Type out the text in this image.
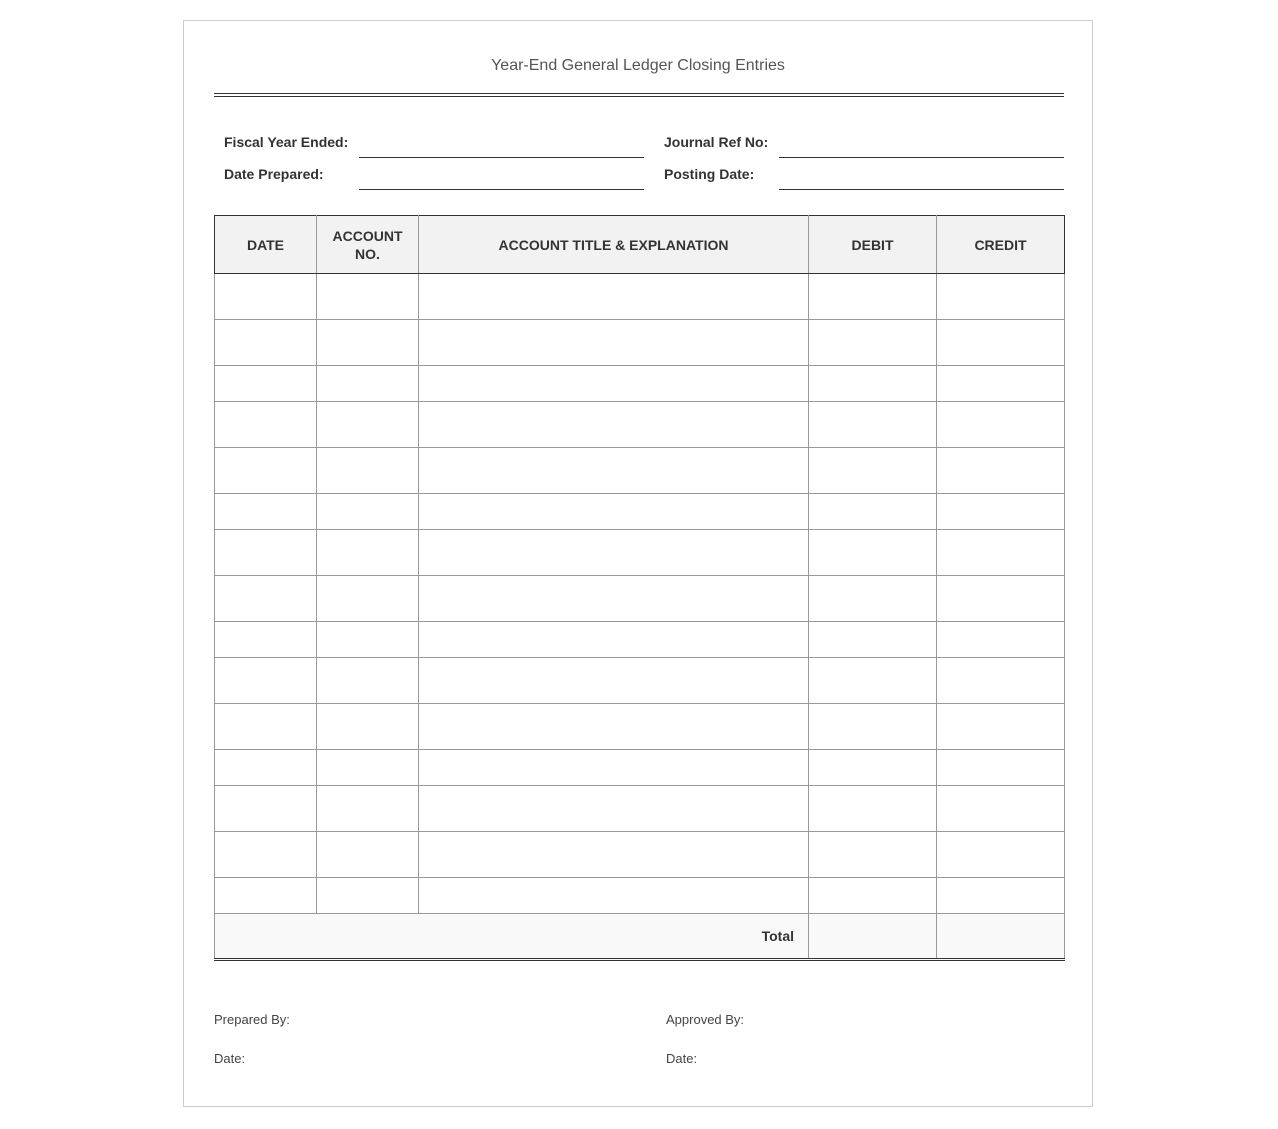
Year-End General Ledger Closing Entries
Fiscal Year Ended:	Journal Ref No:
Date Prepared:	Posting Date:
DATE	ACCOUNT NO.	ACCOUNT TITLE & EXPLANATION	DEBIT	CREDIT

Total				
Prepared By:	Approved By:
Date:	Date:
